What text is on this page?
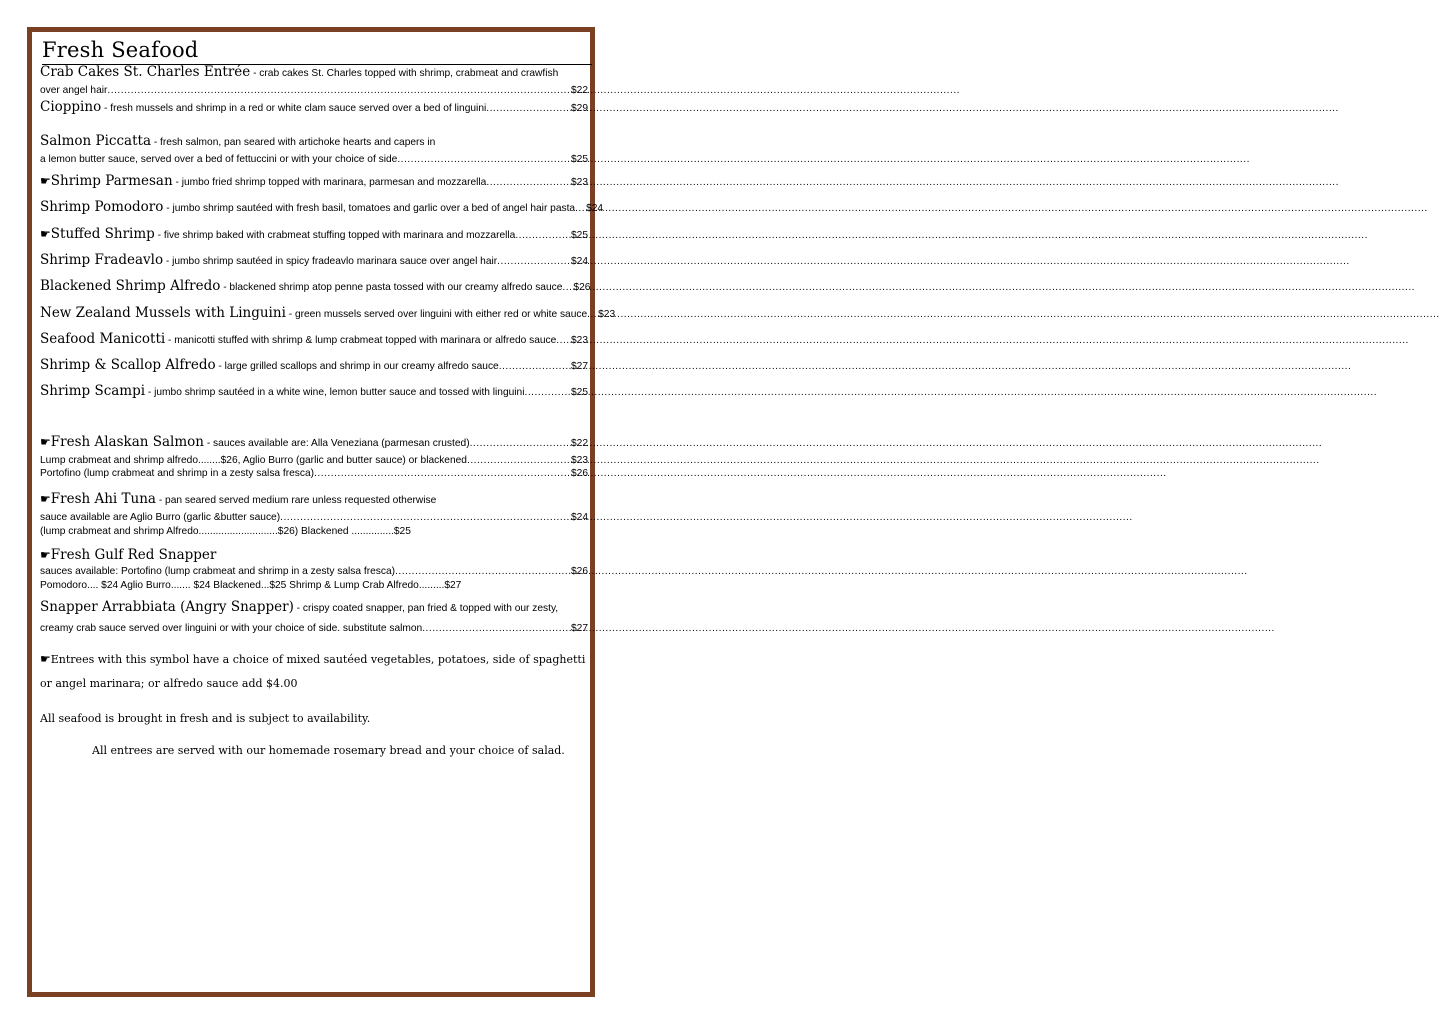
Fresh Seafood
Crab Cakes St. Charles Entrée - crab cakes St. Charles topped with shrimp, crabmeat and crawfish
over angel hair .....	$22
Cioppino - fresh mussels and shrimp in a red or white clam sauce served over a bed of linguini .....	$29
Salmon Piccatta - fresh salmon, pan seared with artichoke hearts and capers in
a lemon butter sauce, served over a bed of fettuccini or with your choice of side .....	$25
☛Shrimp Parmesan - jumbo fried shrimp topped with marinara, parmesan and mozzarella .....	$23
Shrimp Pomodoro - jumbo shrimp sautéed with fresh basil, tomatoes and garlic over a bed of angel hair pasta ..... $24
☛Stuffed Shrimp - five shrimp baked with crabmeat stuffing topped with marinara and mozzarella .....	$25
Shrimp Fradeavlo - jumbo shrimp sautéed in spicy fradeavlo marinara sauce over angel hair .....	$24
Blackened Shrimp Alfredo - blackened shrimp atop penne pasta tossed with our creamy alfredo sauce ..... $26
New Zealand Mussels with Linguini - green mussels served over linguini with either red or white sauce ..... $23
Seafood Manicotti - manicotti stuffed with shrimp & lump crabmeat topped with marinara or alfredo sauce ..... $23
Shrimp & Scallop Alfredo - large grilled scallops and shrimp in our creamy alfredo sauce .....	$27
Shrimp Scampi - jumbo shrimp sautéed in a white wine, lemon butter sauce and tossed with linguini .....	$25
☛Fresh Alaskan Salmon - sauces available are: Alla Veneziana (parmesan crusted) .....	$22
Lump crabmeat and shrimp alfredo........$26, Aglio Burro (garlic and butter sauce) or blackened .....	$23
Portofino (lump crabmeat and shrimp in a zesty salsa fresca) .....	$26
☛Fresh Ahi Tuna - pan seared served medium rare unless requested otherwise
sauce available are Aglio Burro (garlic &butter sauce) .....	$24
(lump crabmeat and shrimp Alfredo............................$26) Blackened ...............$25
☛Fresh Gulf Red Snapper
sauces available: Portofino (lump crabmeat and shrimp in a zesty salsa fresca) .....	$26
Pomodoro.... $24 Aglio Burro....... $24 Blackened...$25 Shrimp & Lump Crab Alfredo.........$27
Snapper Arrabbiata (Angry Snapper) - crispy coated snapper, pan fried & topped with our zesty,
creamy crab sauce served over linguini or with your choice of side. substitute salmon .....	$27
☛Entrees with this symbol have a choice of mixed sautéed vegetables, potatoes, side of spaghetti
or angel marinara; or alfredo sauce add $4.00
All seafood is brought in fresh and is subject to availability.
All entrees are served with our homemade rosemary bread and your choice of salad.
